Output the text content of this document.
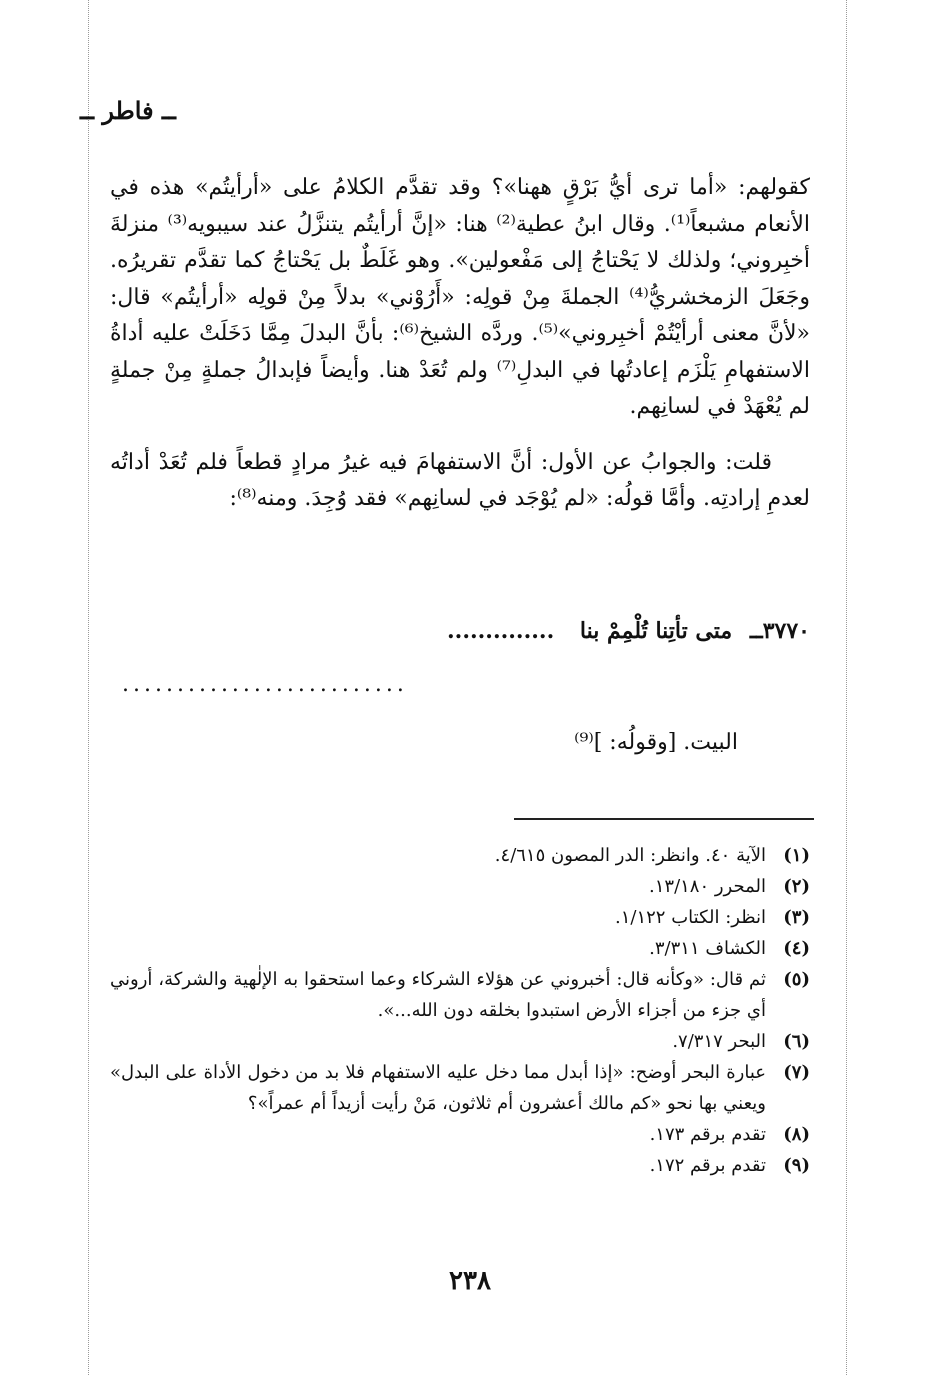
ــ فاطر ــ

كقولهم: «أما ترى أيُّ بَرْقٍ ههنا»؟ وقد تقدَّم الكلامُ على «أرأيتُم» هذه في الأنعام مشبعاً⁽¹⁾. وقال ابنُ عطية⁽²⁾ هنا: «إنَّ أرأيتُم يتنزَّلُ عند سيبويه⁽³⁾ منزلةَ أخبِروني؛ ولذلك لا يَحْتاجُ إلى مَفْعولين». وهو غَلَطٌ بل يَحْتاجُ كما تقدَّم تقريرُه. وجَعَلَ الزمخشريُّ⁽⁴⁾ الجملةَ مِنْ قولِه: «أَرُوْني» بدلاً مِنْ قولِه «أرأيتُم» قال: «لأنَّ معنى أرأيْتُمْ أخبِروني»⁽⁵⁾. وردَّه الشيخ⁽⁶⁾: بأنَّ البدلَ مِمَّا دَخَلَتْ عليه أداةُ الاستفهامِ يَلْزَم إعادتُها في البدلِ⁽⁷⁾ ولم تُعَدْ هنا. وأيضاً فإبدالُ جملةٍ مِنْ جملةٍ لم يُعْهَدْ في لسانِهم.

قلت: والجوابُ عن الأول: أنَّ الاستفهامَ فيه غيرُ مرادٍ قطعاً فلم تُعَدْ أداتُه لعدمِ إرادتِه. وأمَّا قولُه: «لم يُوْجَد في لسانِهم» فقد وُجِدَ. ومنه⁽⁸⁾:

٣٧٧٠ــ متى تأتِنا تُلْمِمْ بنا ..............
..........................
البيت. [وقولُه: ]⁽⁹⁾
(١)
الآية ٤٠. وانظر: الدر المصون ٤/٦١٥.
(٢)
المحرر ١٣/١٨٠.
(٣)
انظر: الكتاب ١/١٢٢.
(٤)
الكشاف ٣/٣١١.
(٥)
ثم قال: «وكأنه قال: أخبروني عن هؤلاء الشركاء وعما استحقوا به الإلٰهية والشركة، أروني أي جزء من أجزاء الأرض استبدوا بخلقه دون الله...».
(٦)
البحر ٧/٣١٧.
(٧)
عبارة البحر أوضح: «إذا أبدل مما دخل عليه الاستفهام فلا بد من دخول الأداة على البدل» ويعني بها نحو «كم مالك أعشرون أم ثلاثون، مَنْ رأيت أزيداً أم عمراً»؟
(٨)
تقدم برقم ١٧٣.
(٩)
تقدم برقم ١٧٢.
٢٣٨
